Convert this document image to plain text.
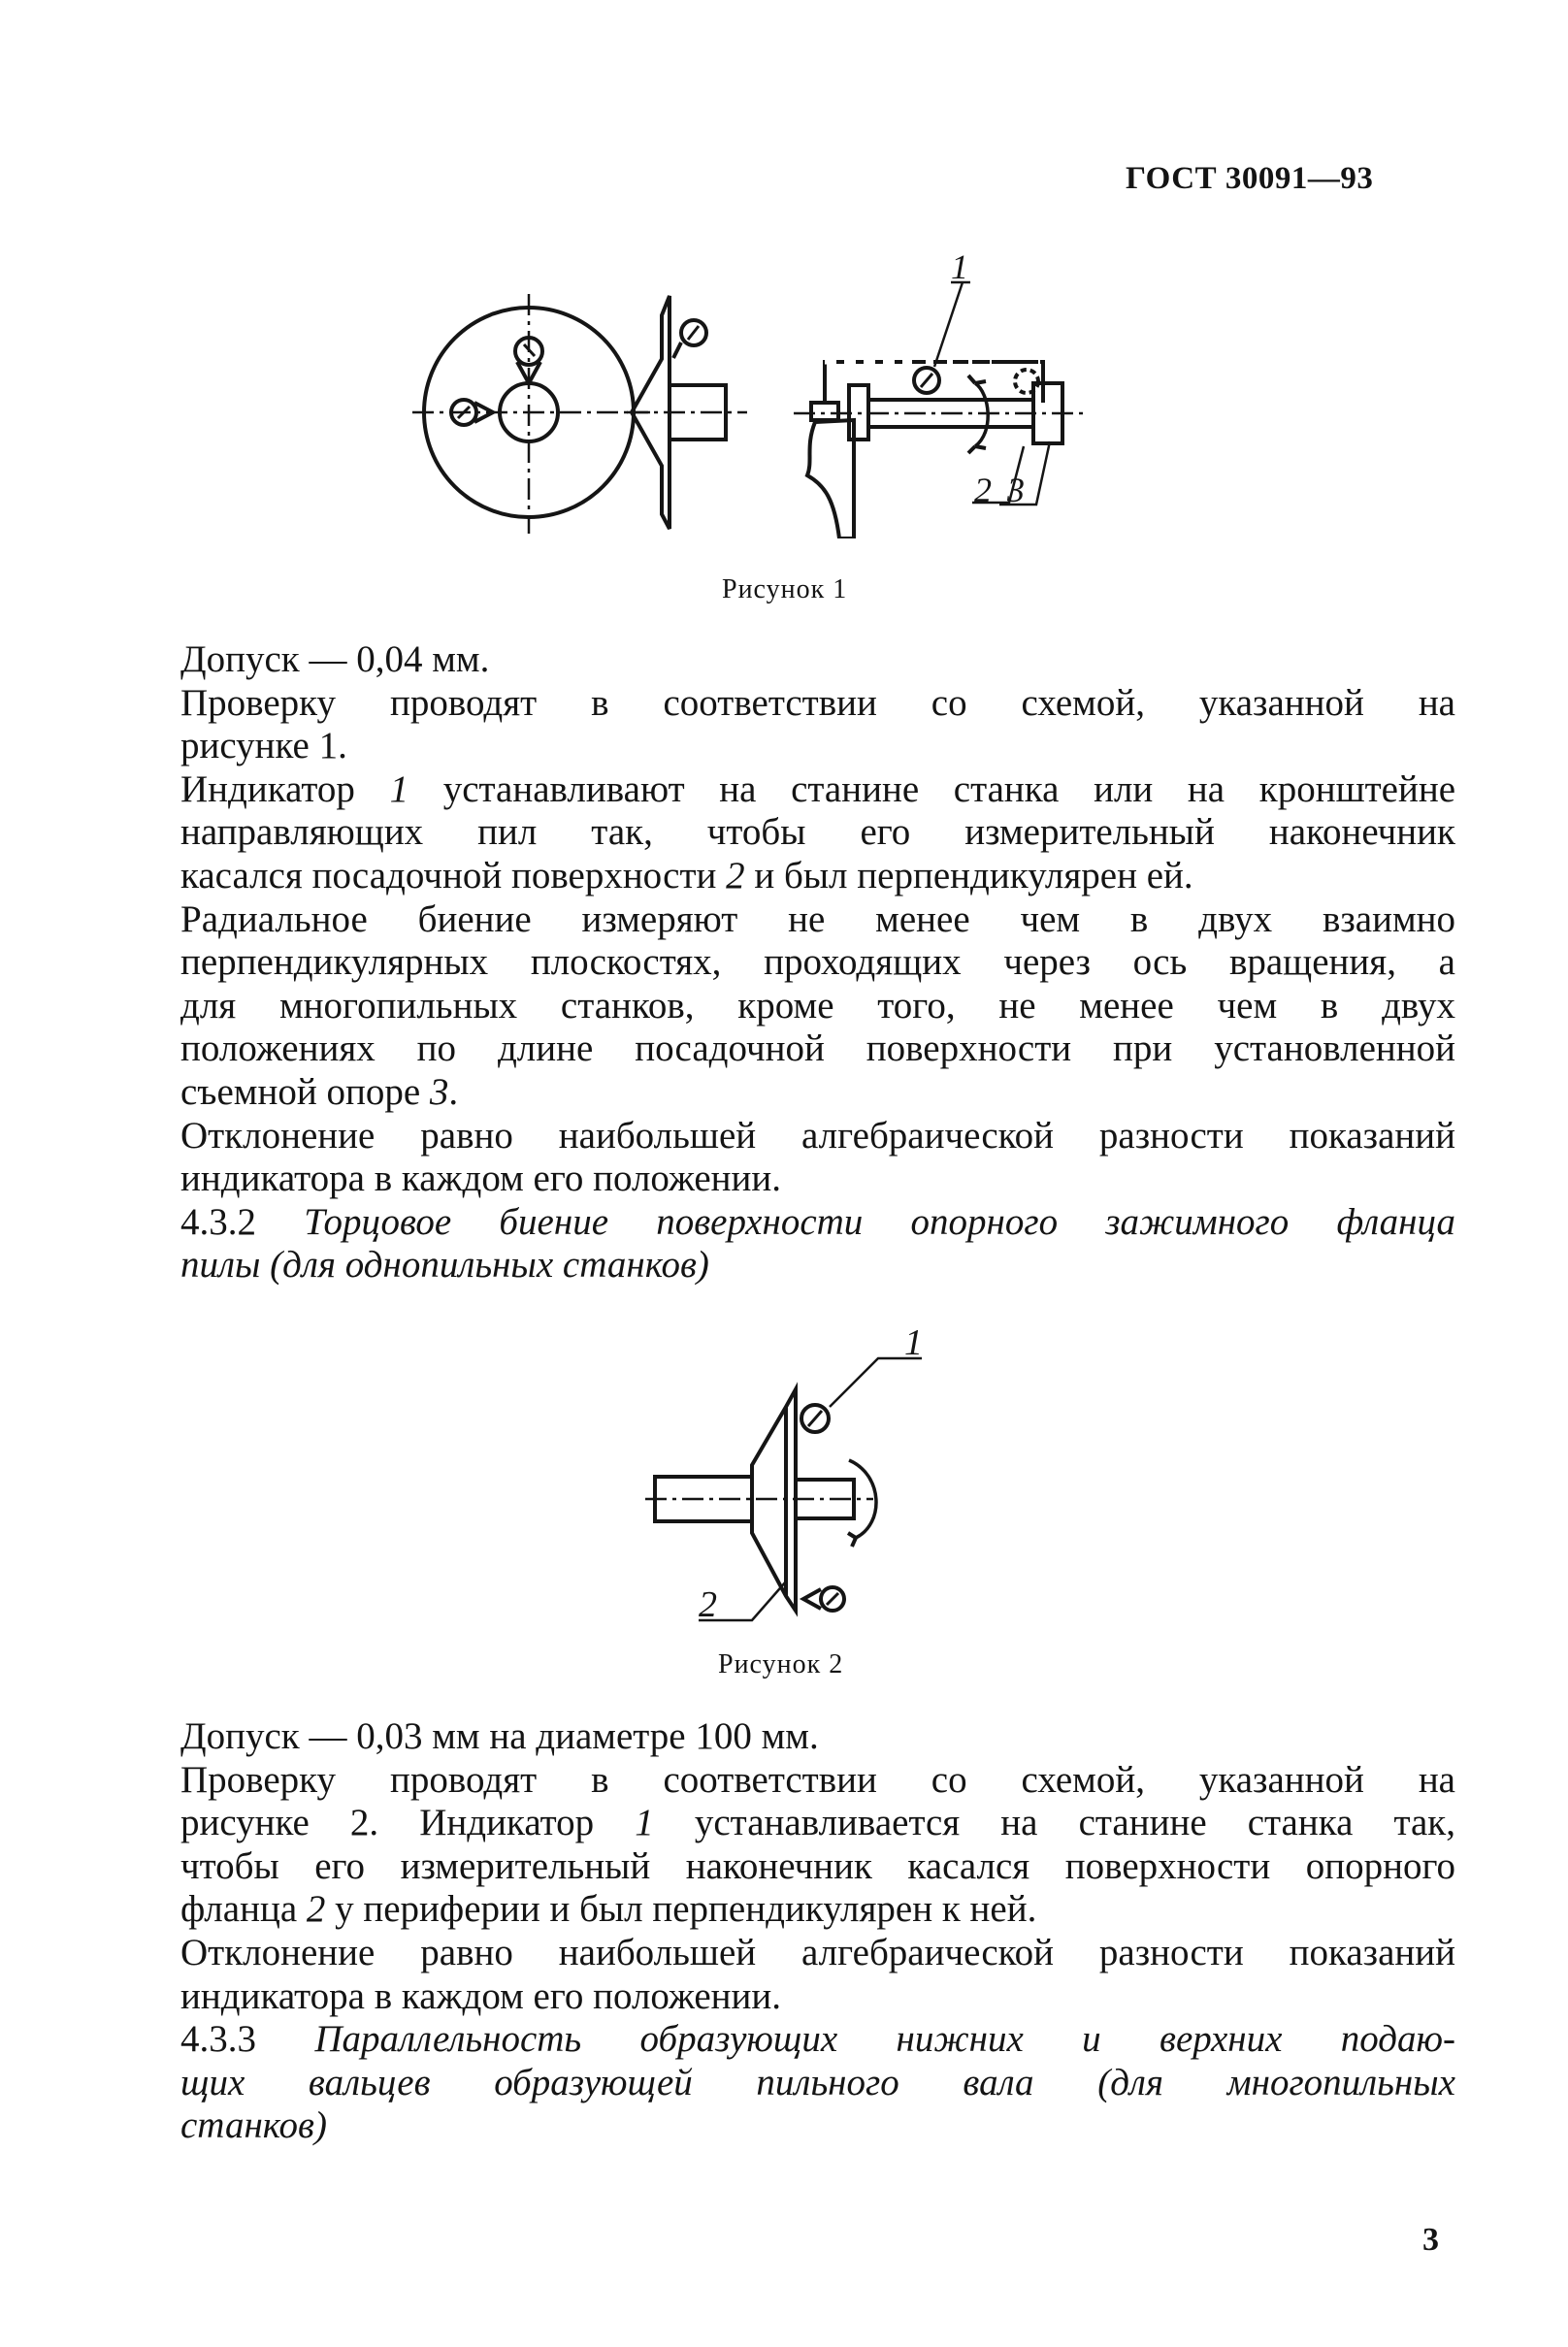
ГОСТ 30091—93
1
2 3
Рисунок 1

Допуск — 0,04 мм.

Проверку проводят в соответствии со схемой, указанной на

рисунке 1.

Индикатор 1 устанавливают на станине станка или на кронштейне

направляющих пил так, чтобы его измерительный наконечник

касался посадочной поверхности 2 и был перпендикулярен ей.

Радиальное биение измеряют не менее чем в двух взаимно

перпендикулярных плоскостях, проходящих через ось вращения, а

для многопильных станков, кроме того, не менее чем в двух

положениях по длине посадочной поверхности при установленной

съемной опоре 3.

Отклонение равно наибольшей алгебраической разности показаний

индикатора в каждом его положении.

4.3.2 Торцовое биение поверхности опорного зажимного фланца

пилы (для однопильных станков)

1
2
Рисунок 2

Допуск — 0,03 мм на диаметре 100 мм.

Проверку проводят в соответствии со схемой, указанной на

рисунке 2. Индикатор 1 устанавливается на станине станка так,

чтобы его измерительный наконечник касался поверхности опорного

фланца 2 у периферии и был перпендикулярен к ней.

Отклонение равно наибольшей алгебраической разности показаний

индикатора в каждом его положении.

4.3.3 Параллельность образующих нижних и верхних подаю-

щих вальцев образующей пильного вала (для многопильных

станков)

3
